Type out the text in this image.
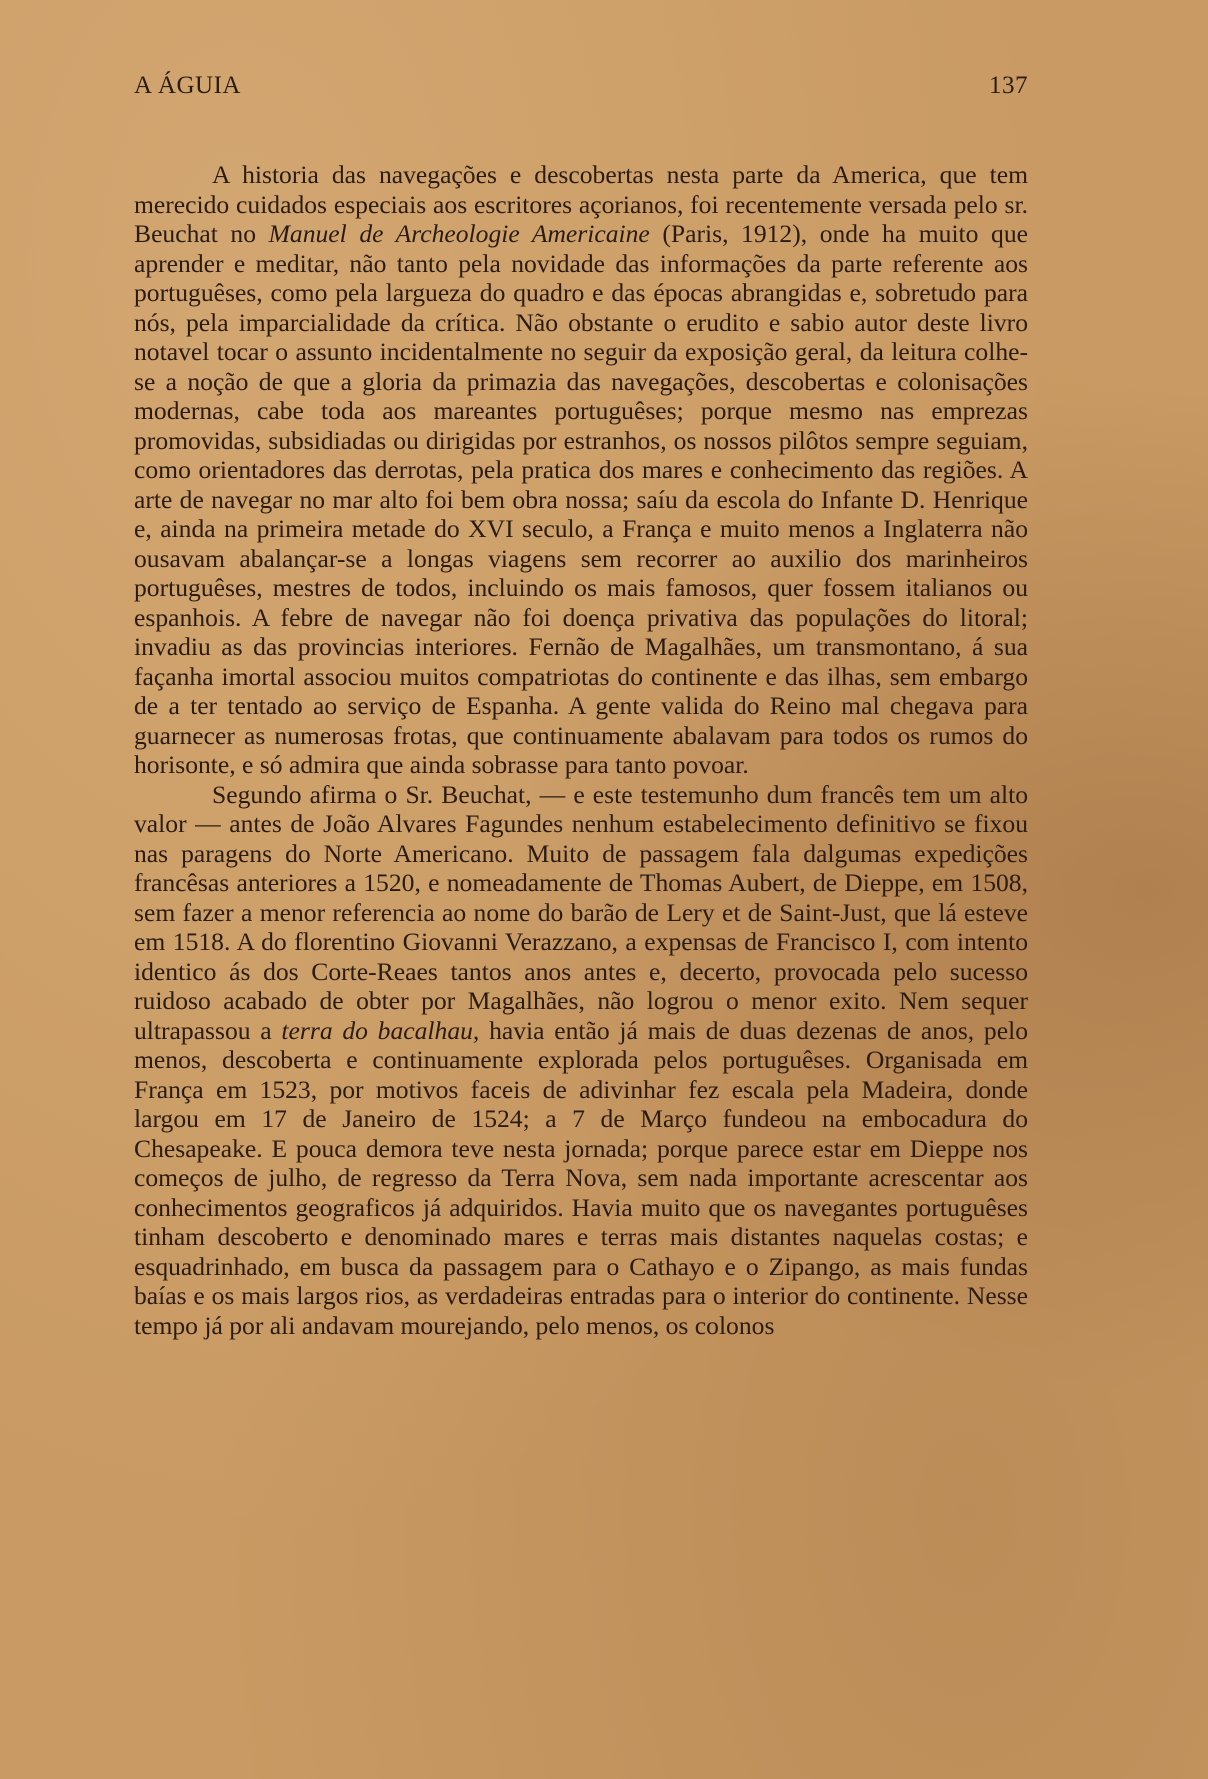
A ÁGUIA	137

A historia das navegações e descobertas nesta parte da America, que tem merecido cuidados especiais aos escritores açorianos, foi recentemente versada pelo sr. Beuchat no Manuel de Archeologie Americaine (Paris, 1912), onde ha muito que aprender e meditar, não tanto pela novidade das informações da parte referente aos portuguêses, como pela largueza do quadro e das épocas abrangidas e, sobretudo para nós, pela imparcialidade da crítica. Não obstante o erudito e sabio autor deste livro notavel tocar o assunto incidentalmente no seguir da exposição geral, da leitura colhe-se a noção de que a gloria da primazia das navegações, descobertas e colonisações modernas, cabe toda aos mareantes portuguêses; porque mesmo nas emprezas promovidas, subsidiadas ou dirigidas por estranhos, os nossos pilôtos sempre seguiam, como orientadores das derrotas, pela pratica dos mares e conhecimento das regiões. A arte de navegar no mar alto foi bem obra nossa; saíu da escola do Infante D. Henrique e, ainda na primeira metade do XVI seculo, a França e muito menos a Inglaterra não ousavam abalançar-se a longas viagens sem recorrer ao auxilio dos marinheiros portuguêses, mestres de todos, incluindo os mais famosos, quer fossem italianos ou espanhois. A febre de navegar não foi doença privativa das populações do litoral; invadiu as das provincias interiores. Fernão de Magalhães, um transmontano, á sua façanha imortal associou muitos compatriotas do continente e das ilhas, sem embargo de a ter tentado ao serviço de Espanha. A gente valida do Reino mal chegava para guarnecer as numerosas frotas, que continuamente abalavam para todos os rumos do horisonte, e só admira que ainda sobrasse para tanto povoar.

Segundo afirma o Sr. Beuchat, — e este testemunho dum francês tem um alto valor — antes de João Alvares Fagundes nenhum estabelecimento definitivo se fixou nas paragens do Norte Americano. Muito de passagem fala dalgumas expedições francêsas anteriores a 1520, e nomeadamente de Thomas Aubert, de Dieppe, em 1508, sem fazer a menor referencia ao nome do barão de Lery et de Saint-Just, que lá esteve em 1518. A do florentino Giovanni Verazzano, a expensas de Francisco I, com intento identico ás dos Corte-Reaes tantos anos antes e, decerto, provocada pelo sucesso ruidoso acabado de obter por Magalhães, não logrou o menor exito. Nem sequer ultrapassou a terra do bacalhau, havia então já mais de duas dezenas de anos, pelo menos, descoberta e continuamente explorada pelos portuguêses. Organisada em França em 1523, por motivos faceis de adivinhar fez escala pela Madeira, donde largou em 17 de Janeiro de 1524; a 7 de Março fundeou na embocadura do Chesapeake. E pouca demora teve nesta jornada; porque parece estar em Dieppe nos começos de julho, de regresso da Terra Nova, sem nada importante acrescentar aos conhecimentos geograficos já adquiridos. Havia muito que os navegantes portuguêses tinham descoberto e denominado mares e terras mais distantes naquelas costas; e esquadrinhado, em busca da passagem para o Cathayo e o Zipango, as mais fundas baías e os mais largos rios, as verdadeiras entradas para o interior do continente. Nesse tempo já por ali andavam mourejando, pelo menos, os colonos
